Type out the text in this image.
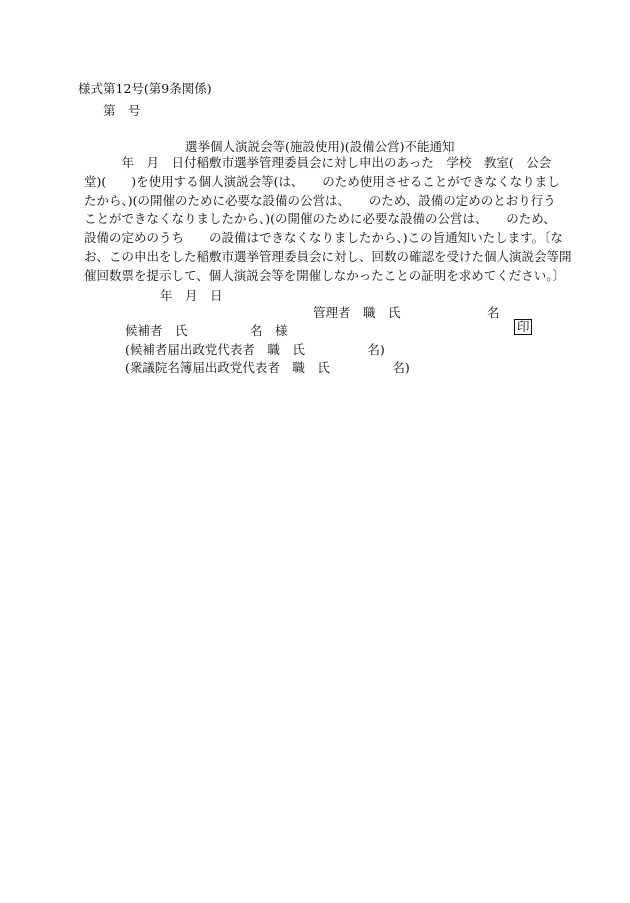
様式第12号(第9条関係)
第　号
選挙個人演説会等(施設使用)(設備公営)不能通知
　　　年　月　日付稲敷市選挙管理委員会に対し申出のあった　学校　教室(　公会
堂)(　　)を使用する個人演説会等(は、　　のため使用させることができなくなりまし
たから、)(の開催のために必要な設備の公営は、　　のため、設備の定めのとおり行う
ことができなくなりましたから、)(の開催のために必要な設備の公営は、　　のため、
設備の定めのうち　　の設備はできなくなりましたから、)この旨通知いたします。〔な
お、この申出をした稲敷市選挙管理委員会に対し、回数の確認を受けた個人演説会等開
催回数票を提示して、個人演説会等を開催しなかったことの証明を求めてください。〕
年　月　日
管理者　職　氏	名

印

候補者　氏　　　　　名　様
(候補者届出政党代表者　職　氏　　　　　名)
(衆議院名簿届出政党代表者　職　氏　　　　　名)
